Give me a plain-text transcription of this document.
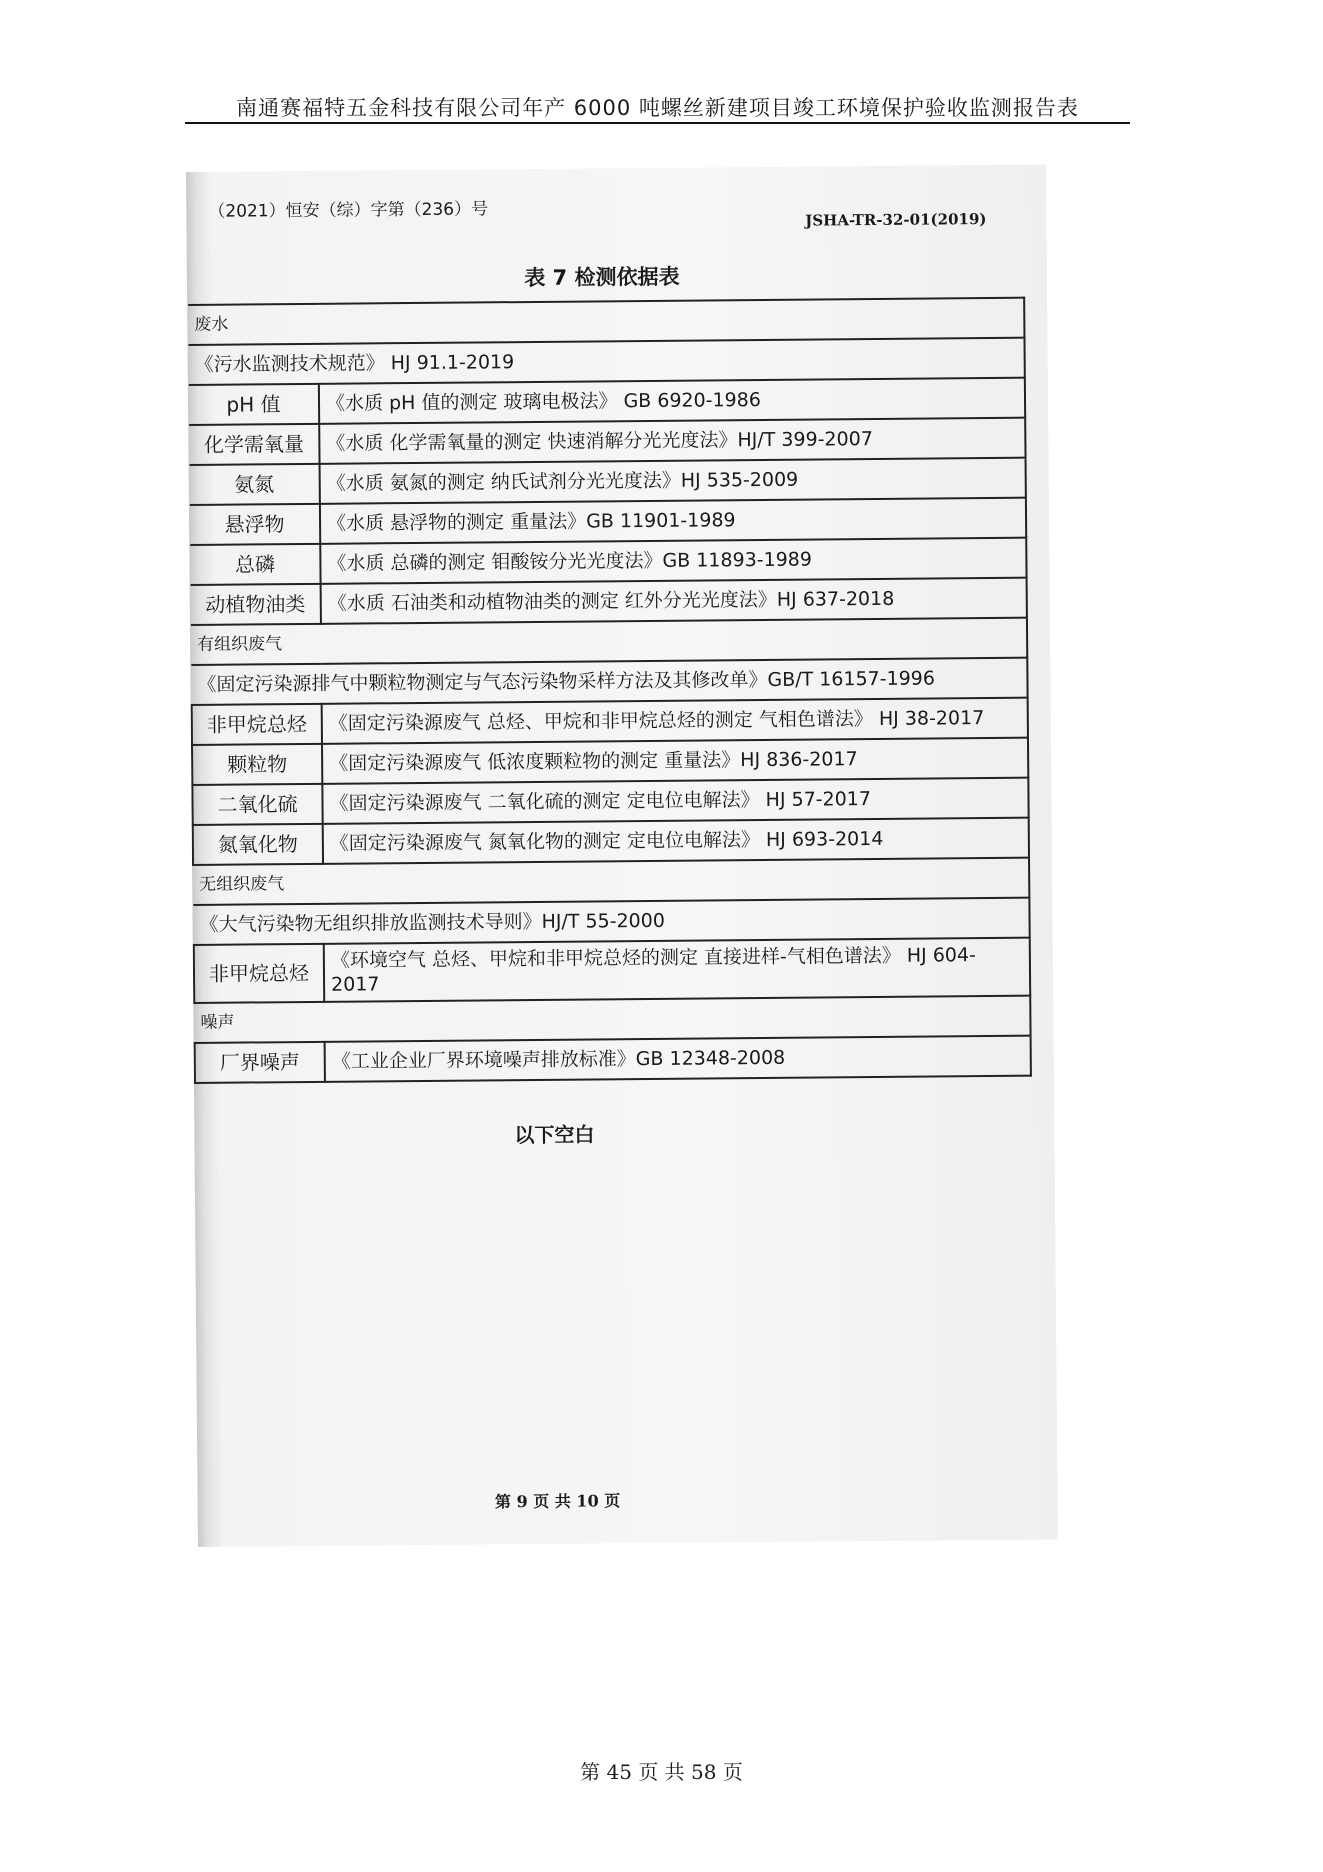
南通赛福特五金科技有限公司年产 6000 吨螺丝新建项目竣工环境保护验收监测报告表
（2021）恒安（综）字第（236）号	JSHA-TR-32-01(2019)
表 7 检测依据表
废水	
《污水监测技术规范》 HJ 91.1-2019	
pH 值	《水质 pH 值的测定 玻璃电极法》 GB 6920-1986
化学需氧量	《水质 化学需氧量的测定 快速消解分光光度法》HJ/T 399-2007
氨氮	《水质 氨氮的测定 纳氏试剂分光光度法》HJ 535-2009
悬浮物	《水质 悬浮物的测定 重量法》GB 11901-1989
总磷	《水质 总磷的测定 钼酸铵分光光度法》GB 11893-1989
动植物油类	《水质 石油类和动植物油类的测定 红外分光光度法》HJ 637-2018
有组织废气	
《固定污染源排气中颗粒物测定与气态污染物采样方法及其修改单》GB/T 16157-1996	
非甲烷总烃	《固定污染源废气 总烃、甲烷和非甲烷总烃的测定 气相色谱法》 HJ 38-2017
颗粒物	《固定污染源废气 低浓度颗粒物的测定 重量法》HJ 836-2017
二氧化硫	《固定污染源废气 二氧化硫的测定 定电位电解法》 HJ 57-2017
氮氧化物	《固定污染源废气 氮氧化物的测定 定电位电解法》 HJ 693-2014
无组织废气	
《大气污染物无组织排放监测技术导则》HJ/T 55-2000	
非甲烷总烃	《环境空气 总烃、甲烷和非甲烷总烃的测定 直接进样-气相色谱法》 HJ 604-2017
噪声	
厂界噪声	《工业企业厂界环境噪声排放标准》GB 12348-2008
以下空白
第 9 页 共 10 页
第 45 页 共 58 页
